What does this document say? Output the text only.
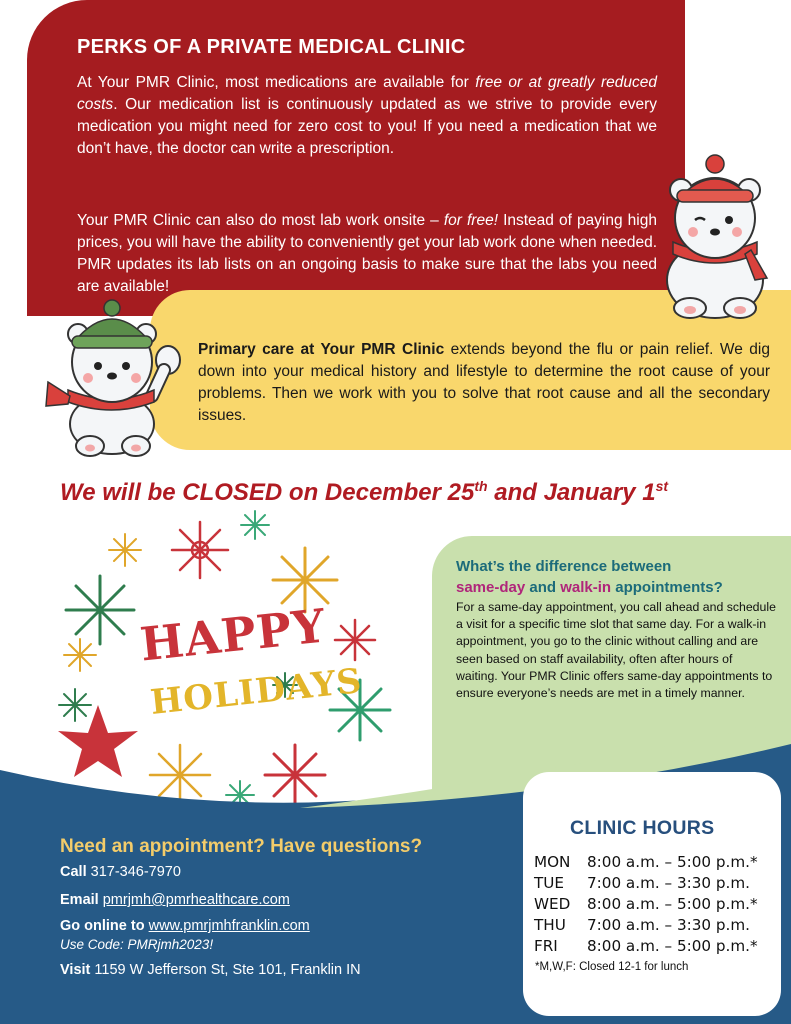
PERKS OF A PRIVATE MEDICAL CLINIC
At Your PMR Clinic, most medications are available for free or at greatly reduced costs. Our medication list is continuously updated as we strive to provide every medication you might need for zero cost to you! If you need a medication that we don’t have, the doctor can write a prescription.
Your PMR Clinic can also do most lab work onsite – for free! Instead of paying high prices, you will have the ability to conveniently get your lab work done when needed. PMR updates its lab lists on an ongoing basis to make sure that the labs you need are available!
Primary care at Your PMR Clinic extends beyond the flu or pain relief. We dig down into your medical history and lifestyle to determine the root cause of your problems. Then we work with you to solve that root cause and all the secondary issues.
We will be CLOSED on December 25th and January 1st
HAPPY
HOLIDAYS
What’s the difference between
same-day and walk-in appointments?
For a same-day appointment, you call ahead and schedule a visit for a specific time slot that same day. For a walk-in appointment, you go to the clinic without calling and are seen based on staff availability, often after hours of waiting. Your PMR Clinic offers same-day appointments to ensure everyone’s needs are met in a timely manner.
Need an appointment? Have questions?
Call 317-346-7970
Email pmrjmh@pmrhealthcare.com
Go online to www.pmrjmhfranklin.com
Use Code: PMRjmh2023!
Visit 1159 W Jefferson St, Ste 101, Franklin IN
CLINIC HOURS
MON 8:00 a.m. – 5:00 p.m.*
TUE 7:00 a.m. – 3:30 p.m.
WED 8:00 a.m. – 5:00 p.m.*
THU 7:00 a.m. – 3:30 p.m.
FRI 8:00 a.m. – 5:00 p.m.*
*M,W,F: Closed 12-1 for lunch
